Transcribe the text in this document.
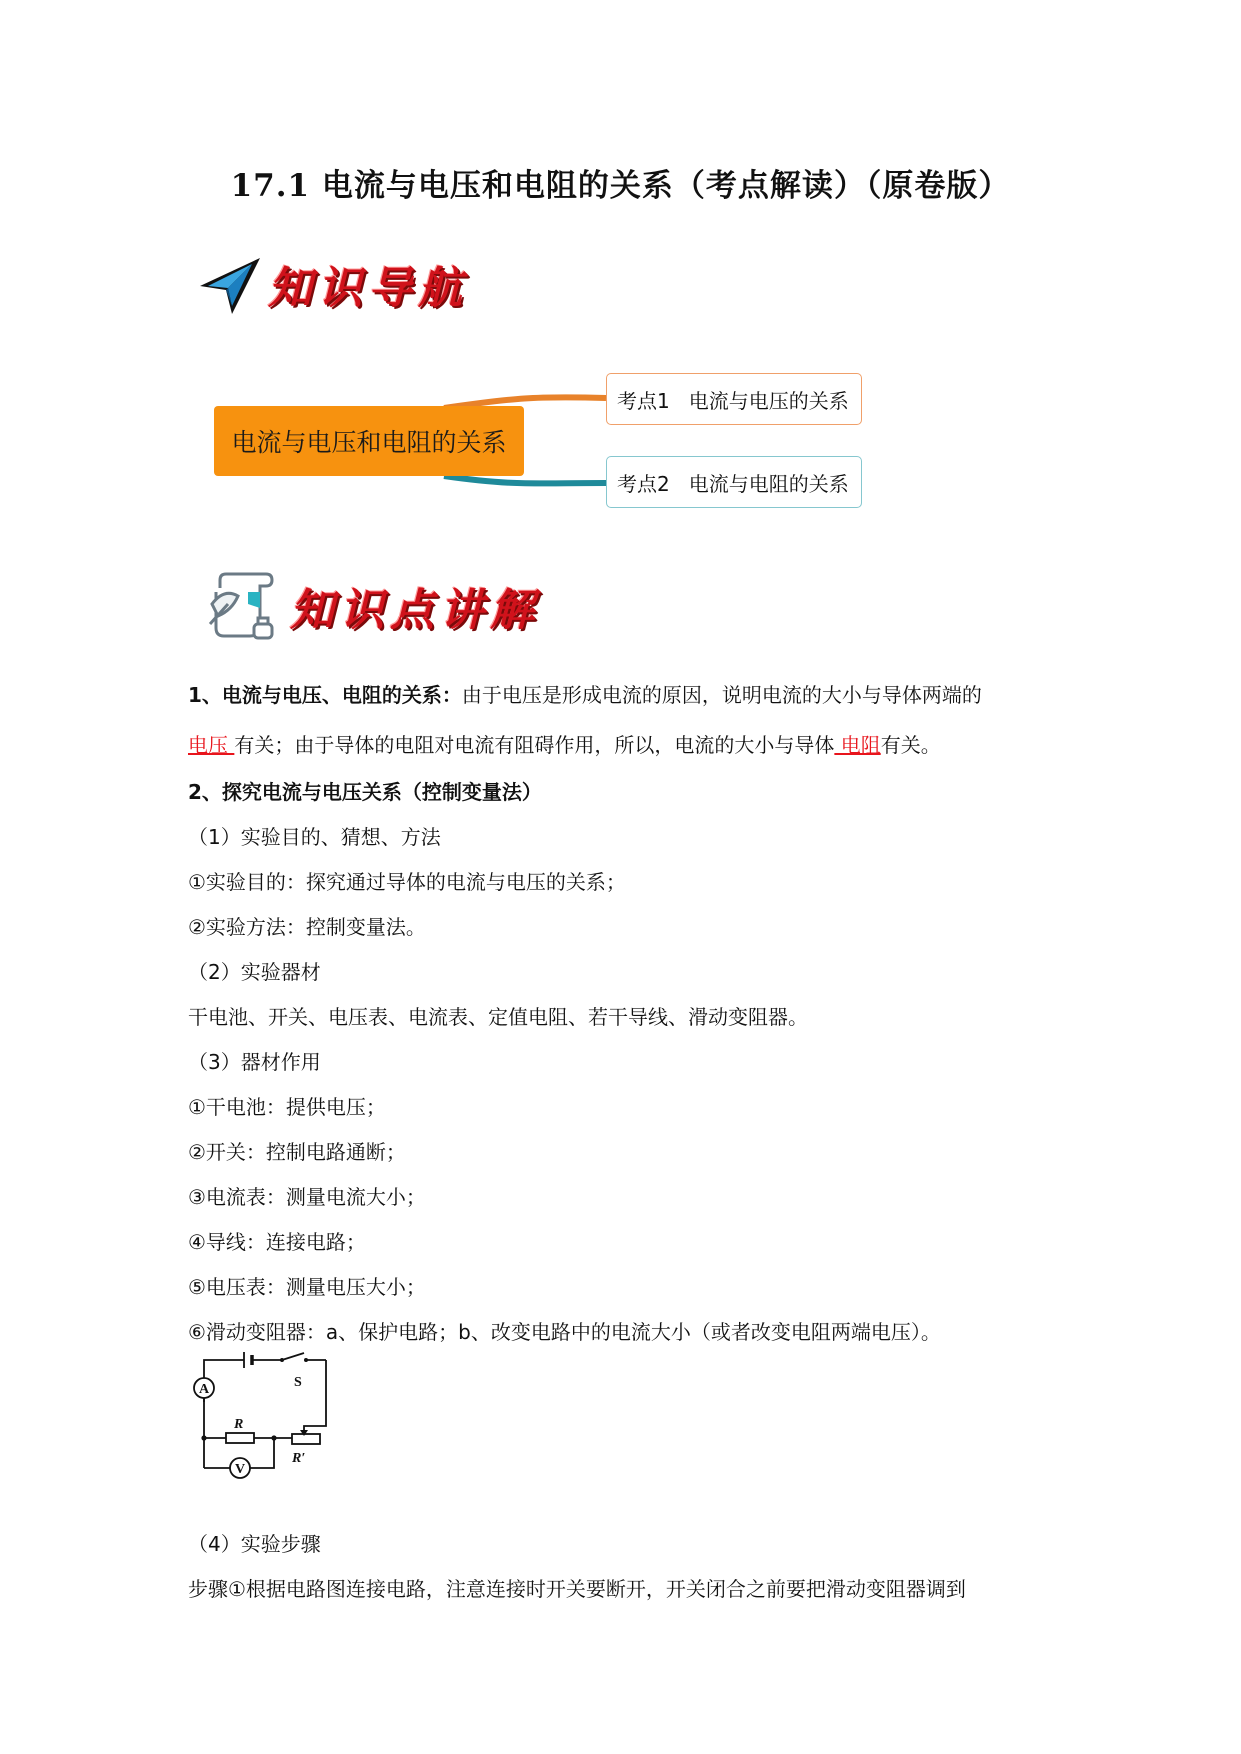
17.1 电流与电压和电阻的关系（考点解读）（原卷版）
知识导航
电流与电压和电阻的关系
考点1   电流与电压的关系
考点2   电流与电阻的关系
知识点讲解
1、电流与电压、电阻的关系：由于电压是形成电流的原因，说明电流的大小与导体两端的
电压 有关；由于导体的电阻对电流有阻碍作用，所以，电流的大小与导体 电阻有关。
2、探究电流与电压关系（控制变量法）
（1）实验目的、猜想、方法
①实验目的：探究通过导体的电流与电压的关系；
②实验方法：控制变量法。
（2）实验器材
干电池、开关、电压表、电流表、定值电阻、若干导线、滑动变阻器。
（3）器材作用
①干电池：提供电压；
②开关：控制电路通断；
③电流表：测量电流大小；
④导线：连接电路；
⑤电压表：测量电压大小；
⑥滑动变阻器：a、保护电路；b、改变电路中的电流大小（或者改变电阻两端电压）。
A
V
S
R
R′
（4）实验步骤
步骤①根据电路图连接电路，注意连接时开关要断开，开关闭合之前要把滑动变阻器调到
